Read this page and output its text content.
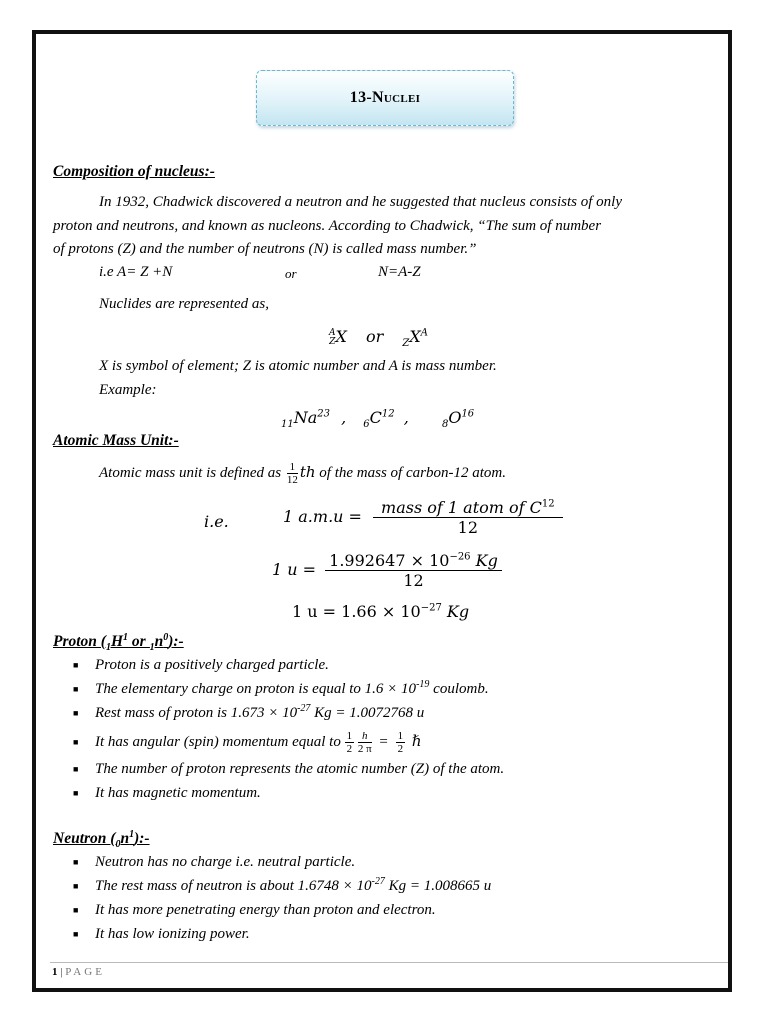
13-Nuclei
Composition of nucleus:-
In 1932, Chadwick discovered a neutron and he suggested that nucleus consists of only
proton and neutrons, and known as nucleons. According to Chadwick, “The sum of number
of protons (Z) and the number of neutrons (N) is called mass number.”
i.e A= Z +N	or	N=A-Z
Nuclides are represented as,
A
Z X or $_ZX^A$
X is symbol of element; Z is atomic number and A is mass number.
Example:
$_{11}Na^{23}$ , $_6C^{12}$ ,	$_8O^{16}$
Atomic Mass Unit:-
Atomic mass unit is defined as $\frac{1}{12}$ th of the mass of carbon-12 atom.
i.e.	1 $a.m.u = \frac{mass of 1 atom of C^{12}}{12}$
1 $u = \frac{1.992647 \times 10^{-26} Kg}{12}$
1 $u = 1.66 \times 10^{-27}$ Kg
Proton ($_1H^1$ or $_1n^0):-$
■ Proton is a positively charged particle.
■ The elementary charge on proton is equal to $1.6 \times 10^{-19}$ coulomb.
■ Rest mass of proton is $1.673 \times 10^{-27}$ Kg = 1.0072768 u
■ It has angular (spin) momentum equal to $\frac{1}{2}$
$\frac{h}{2 \pi} = \frac{1}{2}$ ℏ
■ The number of proton represents the atomic number (Z) of the atom.
■ It has magnetic momentum.
Neutron $(_0n^1):-$
■ Neutron has no charge i.e. neutral particle.
■ The rest mass of neutron is about $1.6748 \times 10^{-27}$ Kg = 1.008665 u
■ It has more penetrating energy than proton and electron.
■ It has low ionizing power.
1 | PAGE
